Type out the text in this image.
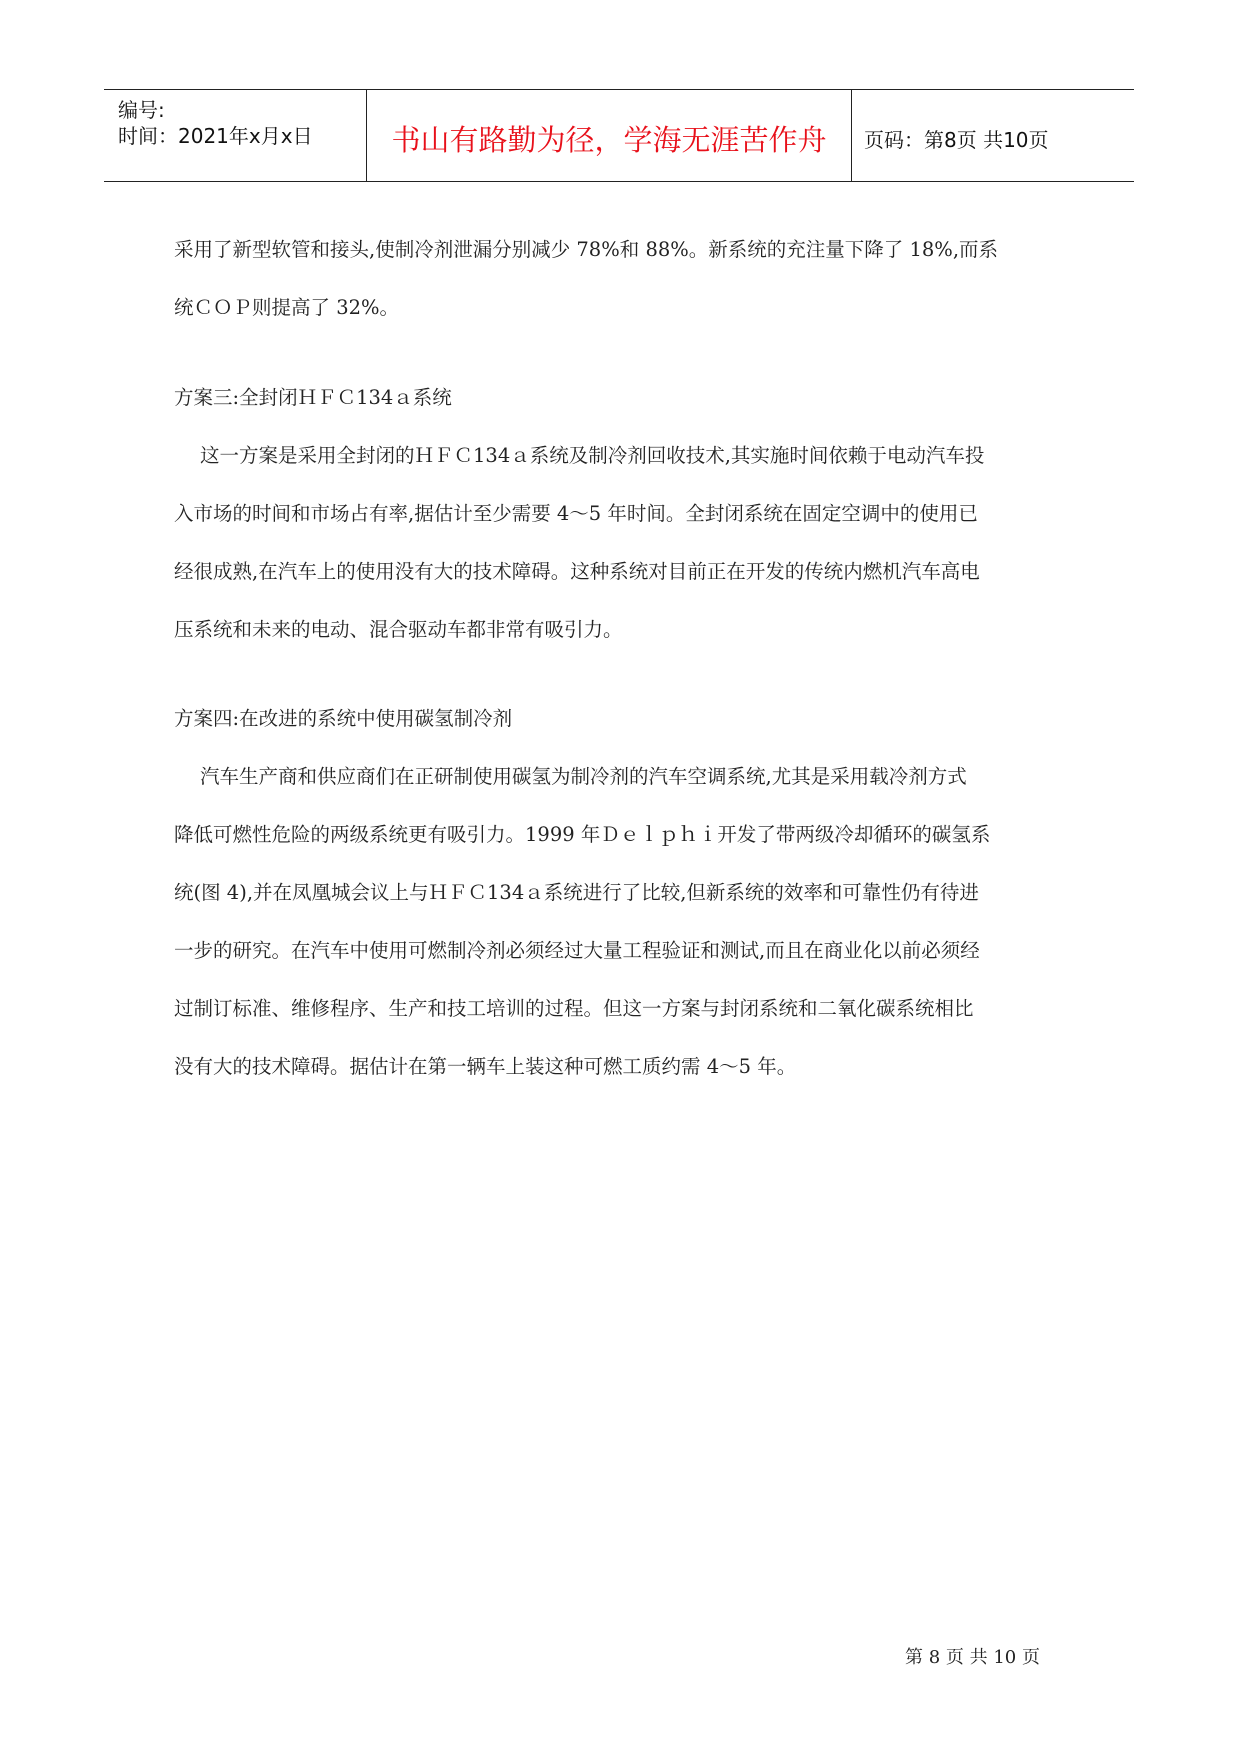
编号:
时间：2021年x月x日	书山有路勤为径，学海无涯苦作舟	页码：第8页 共10页
采用了新型软管和接头,使制冷剂泄漏分别减少 78%和 88%。新系统的充注量下降了 18%,而系
统ＣＯＰ则提高了 32%。
方案三:全封闭ＨＦＣ134ａ系统
这一方案是采用全封闭的ＨＦＣ134ａ系统及制冷剂回收技术,其实施时间依赖于电动汽车投
入市场的时间和市场占有率,据估计至少需要 4～5 年时间。全封闭系统在固定空调中的使用已
经很成熟,在汽车上的使用没有大的技术障碍。这种系统对目前正在开发的传统内燃机汽车高电
压系统和未来的电动、混合驱动车都非常有吸引力。
方案四:在改进的系统中使用碳氢制冷剂
汽车生产商和供应商们在正研制使用碳氢为制冷剂的汽车空调系统,尤其是采用载冷剂方式
降低可燃性危险的两级系统更有吸引力。1999 年Ｄｅｌｐｈｉ开发了带两级冷却循环的碳氢系
统(图 4),并在凤凰城会议上与ＨＦＣ134ａ系统进行了比较,但新系统的效率和可靠性仍有待进
一步的研究。在汽车中使用可燃制冷剂必须经过大量工程验证和测试,而且在商业化以前必须经
过制订标准、维修程序、生产和技工培训的过程。但这一方案与封闭系统和二氧化碳系统相比
没有大的技术障碍。据估计在第一辆车上装这种可燃工质约需 4～5 年。
第 8 页 共 10 页
